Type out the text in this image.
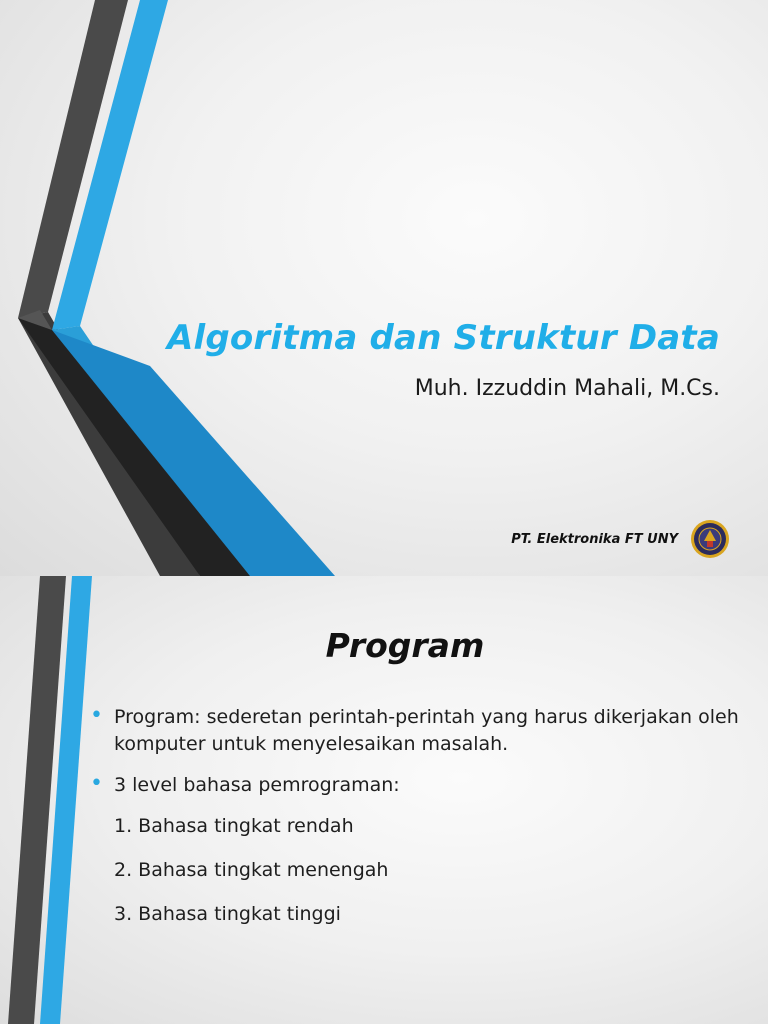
Algoritma dan Struktur Data

Muh. Izzuddin Mahali, M.Cs.

PT. Elektronika FT UNY
Program
• Program: sederetan perintah-perintah yang harus dikerjakan oleh komputer untuk menyelesaikan masalah.
• 3 level bahasa pemrograman:
1. Bahasa tingkat rendah
2. Bahasa tingkat menengah
3. Bahasa tingkat tinggi
